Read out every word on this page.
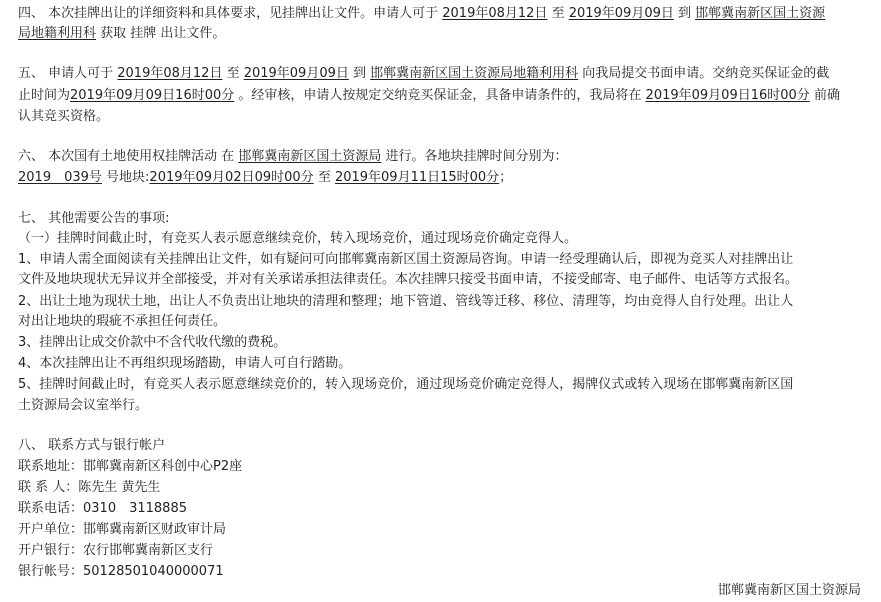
四、 本次挂牌出让的详细资料和具体要求，见挂牌出让文件。申请人可于 2019年08月12日 至 2019年09月09日 到 邯郸冀南新区国土资源
局地籍利用科 获取 挂牌 出让文件。
五、 申请人可于 2019年08月12日 至 2019年09月09日 到 邯郸冀南新区国土资源局地籍利用科 向我局提交书面申请。交纳竞买保证金的截
止时间为2019年09月09日16时00分 。经审核，申请人按规定交纳竞买保证金，具备申请条件的，我局将在 2019年09月09日16时00分 前确
认其竞买资格。
六、 本次国有土地使用权挂牌活动 在 邯郸冀南新区国土资源局 进行。各地块挂牌时间分别为：
2019　039号 号地块:2019年09月02日09时00分 至 2019年09月11日15时00分；
七、 其他需要公告的事项:
（一）挂牌时间截止时，有竞买人表示愿意继续竞价，转入现场竞价，通过现场竞价确定竞得人。
1、申请人需全面阅读有关挂牌出让文件，如有疑问可向邯郸冀南新区国土资源局咨询。申请一经受理确认后，即视为竞买人对挂牌出让
文件及地块现状无异议并全部接受，并对有关承诺承担法律责任。本次挂牌只接受书面申请，不接受邮寄、电子邮件、电话等方式报名。
2、出让土地为现状土地，出让人不负责出让地块的清理和整理；地下管道、管线等迁移、移位、清理等，均由竞得人自行处理。出让人
对出让地块的瑕疵不承担任何责任。
3、挂牌出让成交价款中不含代收代缴的费税。
4、本次挂牌出让不再组织现场踏勘，申请人可自行踏勘。
5、挂牌时间截止时，有竞买人表示愿意继续竞价的，转入现场竞价，通过现场竞价确定竞得人，揭牌仪式或转入现场在邯郸冀南新区国
土资源局会议室举行。
八、 联系方式与银行帐户
联系地址：邯郸冀南新区科创中心P2座
联 系 人：陈先生 黄先生
联系电话：0310　3118885
开户单位：邯郸冀南新区财政审计局
开户银行：农行邯郸冀南新区支行
银行帐号：50128501040000071
邯郸冀南新区国土资源局
